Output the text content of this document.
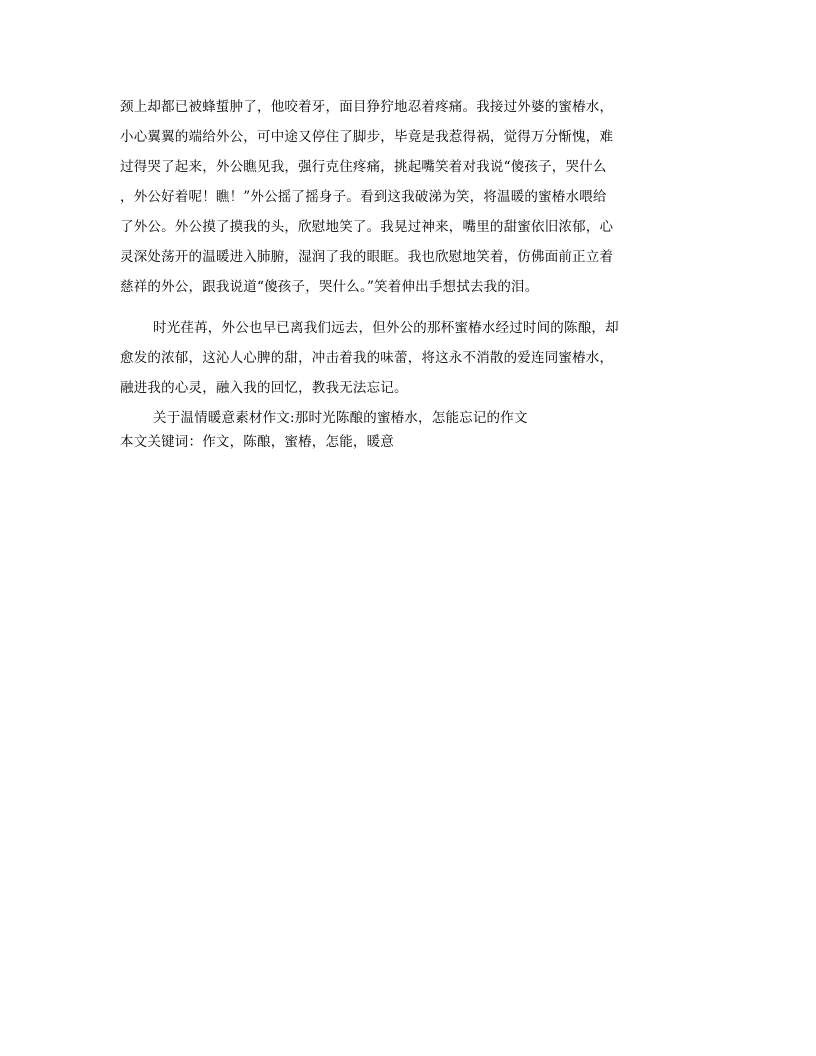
颈上却都已被蜂蜇肿了，他咬着牙，面目狰狞地忍着疼痛。我接过外婆的蜜椿水，
小心翼翼的端给外公，可中途又停住了脚步，毕竟是我惹得祸，觉得万分惭愧，难
过得哭了起来，外公瞧见我，强行克住疼痛，挑起嘴笑着对我说“傻孩子，哭什么
，外公好着呢！瞧！”外公摇了摇身子。看到这我破涕为笑，将温暖的蜜椿水喂给
了外公。外公摸了摸我的头，欣慰地笑了。我晃过神来，嘴里的甜蜜依旧浓郁，心
灵深处荡开的温暖进入肺腑，湿润了我的眼眶。我也欣慰地笑着，仿佛面前正立着
慈祥的外公，跟我说道“傻孩子，哭什么。”笑着伸出手想拭去我的泪。
时光荏苒，外公也早已离我们远去，但外公的那杯蜜椿水经过时间的陈酿，却
愈发的浓郁，这沁人心脾的甜，冲击着我的味蕾，将这永不消散的爱连同蜜椿水，
融进我的心灵，融入我的回忆，教我无法忘记。
关于温情暖意素材作文:那时光陈酿的蜜椿水，怎能忘记的作文
本文关键词：作文，陈酿，蜜椿，怎能，暖意
